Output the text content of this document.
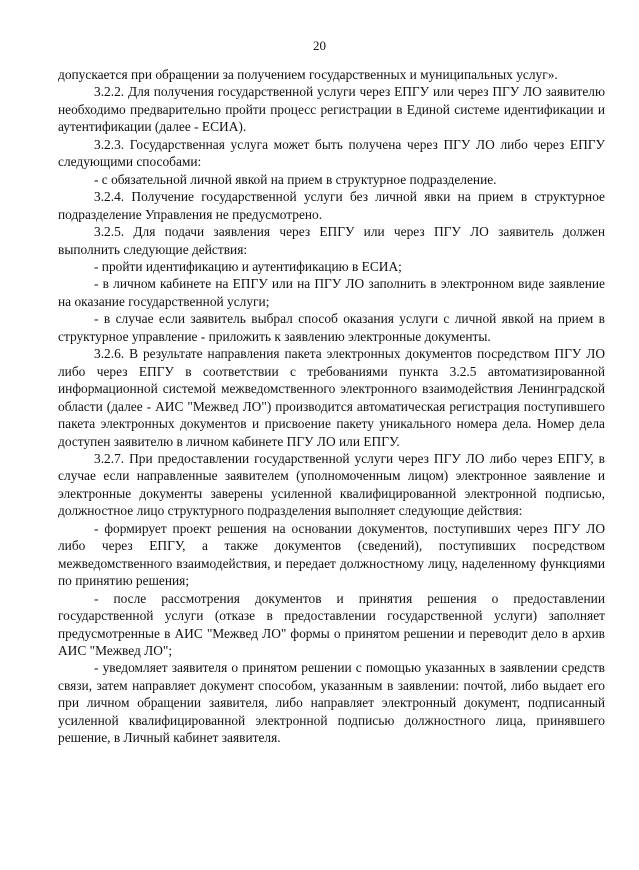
20

допускается при обращении за получением государственных и муниципальных услуг».

3.2.2. Для получения государственной услуги через ЕПГУ или через ПГУ ЛО заявителю необходимо предварительно пройти процесс регистрации в Единой системе идентификации и аутентификации (далее - ЕСИА).

3.2.3. Государственная услуга может быть получена через ПГУ ЛО либо через ЕПГУ следующими способами:

- с обязательной личной явкой на прием в структурное подразделение.

3.2.4. Получение государственной услуги без личной явки на прием в структурное подразделение Управления не предусмотрено.

3.2.5. Для подачи заявления через ЕПГУ или через ПГУ ЛО заявитель должен выполнить следующие действия:

- пройти идентификацию и аутентификацию в ЕСИА;

- в личном кабинете на ЕПГУ или на ПГУ ЛО заполнить в электронном виде заявление на оказание государственной услуги;

- в случае если заявитель выбрал способ оказания услуги с личной явкой на прием в структурное управление - приложить к заявлению электронные документы.

3.2.6. В результате направления пакета электронных документов посредством ПГУ ЛО либо через ЕПГУ в соответствии с требованиями пункта 3.2.5 автоматизированной информационной системой межведомственного электронного взаимодействия Ленинградской области (далее - АИС "Межвед ЛО") производится автоматическая регистрация поступившего пакета электронных документов и присвоение пакету уникального номера дела. Номер дела доступен заявителю в личном кабинете ПГУ ЛО или ЕПГУ.

3.2.7. При предоставлении государственной услуги через ПГУ ЛО либо через ЕПГУ, в случае если направленные заявителем (уполномоченным лицом) электронное заявление и электронные документы заверены усиленной квалифицированной электронной подписью, должностное лицо структурного подразделения выполняет следующие действия:

- формирует проект решения на основании документов, поступивших через ПГУ ЛО либо через ЕПГУ, а также документов (сведений), поступивших посредством межведомственного взаимодействия, и передает должностному лицу, наделенному функциями по принятию решения;

- после рассмотрения документов и принятия решения о предоставлении государственной услуги (отказе в предоставлении государственной услуги) заполняет предусмотренные в АИС "Межвед ЛО" формы о принятом решении и переводит дело в архив АИС "Межвед ЛО";

- уведомляет заявителя о принятом решении с помощью указанных в заявлении средств связи, затем направляет документ способом, указанным в заявлении: почтой, либо выдает его при личном обращении заявителя, либо направляет электронный документ, подписанный усиленной квалифицированной электронной подписью должностного лица, принявшего решение, в Личный кабинет заявителя.
